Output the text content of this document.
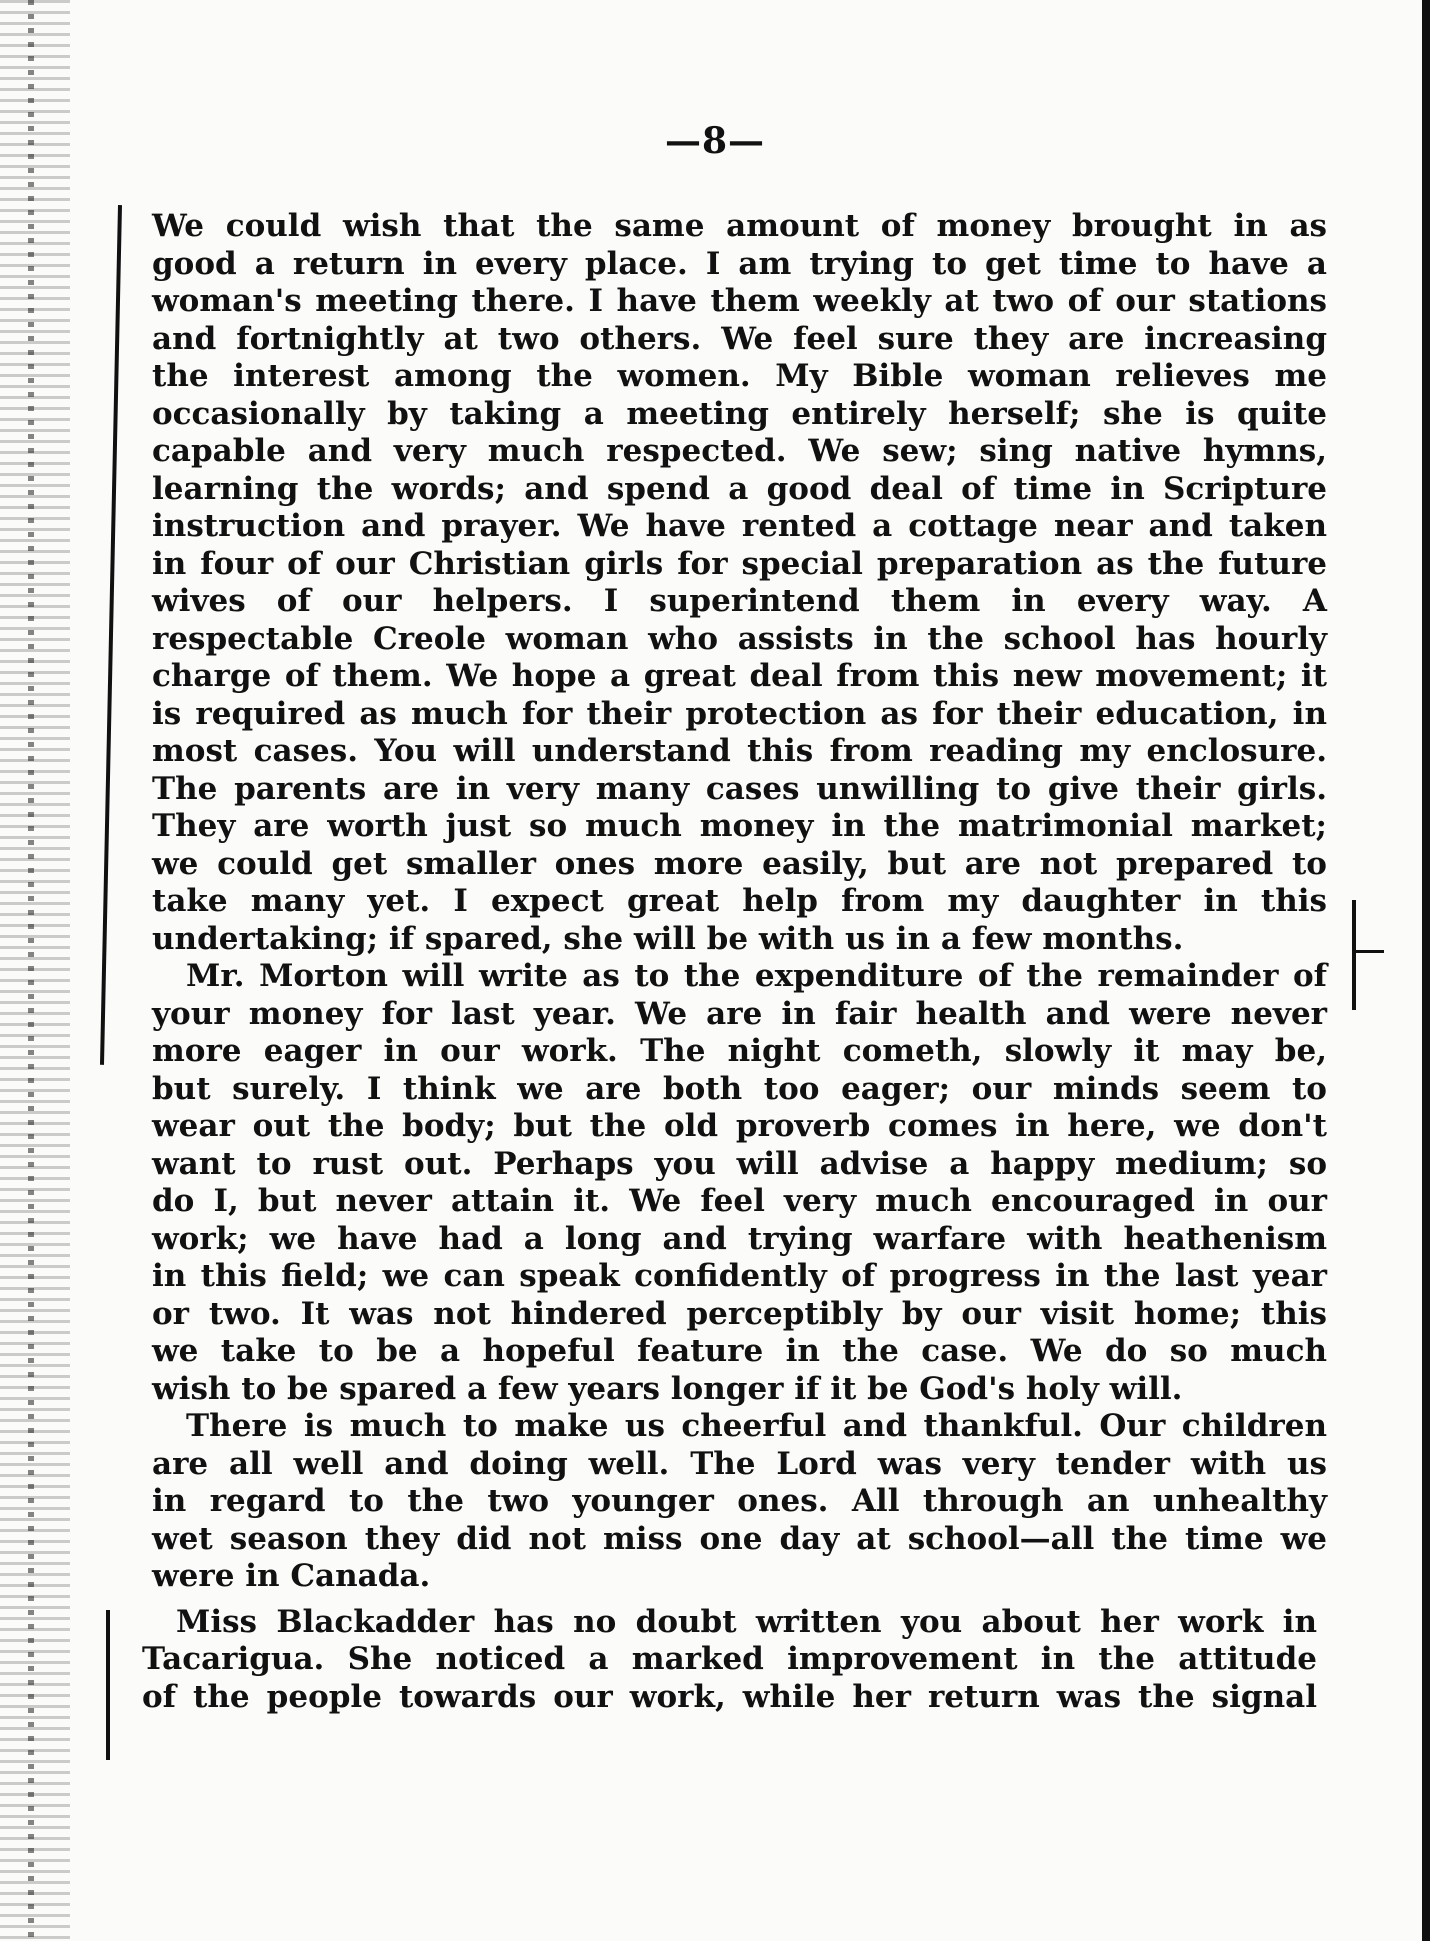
—8—
We could wish that the same amount of money brought in as
good a return in every place. I am trying to get time to have a
woman's meeting there. I have them weekly at two of our stations
and fortnightly at two others. We feel sure they are increasing
the interest among the women. My Bible woman relieves me
occasionally by taking a meeting entirely herself; she is quite
capable and very much respected. We sew; sing native hymns,
learning the words; and spend a good deal of time in Scripture
instruction and prayer. We have rented a cottage near and taken
in four of our Christian girls for special preparation as the future
wives of our helpers. I superintend them in every way. A
respectable Creole woman who assists in the school has hourly
charge of them. We hope a great deal from this new movement; it
is required as much for their protection as for their education, in
most cases. You will understand this from reading my enclosure.
The parents are in very many cases unwilling to give their girls.
They are worth just so much money in the matrimonial market;
we could get smaller ones more easily, but are not prepared to
take many yet. I expect great help from my daughter in this
undertaking; if spared, she will be with us in a few months.
Mr. Morton will write as to the expenditure of the remainder of
your money for last year. We are in fair health and were never
more eager in our work. The night cometh, slowly it may be,
but surely. I think we are both too eager; our minds seem to
wear out the body; but the old proverb comes in here, we don't
want to rust out. Perhaps you will advise a happy medium; so
do I, but never attain it. We feel very much encouraged in our
work; we have had a long and trying warfare with heathenism
in this field; we can speak confidently of progress in the last year
or two. It was not hindered perceptibly by our visit home; this
we take to be a hopeful feature in the case. We do so much
wish to be spared a few years longer if it be God's holy will.
There is much to make us cheerful and thankful. Our children
are all well and doing well. The Lord was very tender with us
in regard to the two younger ones. All through an unhealthy
wet season they did not miss one day at school—all the time we
were in Canada.
Miss Blackadder has no doubt written you about her work in
Tacarigua. She noticed a marked improvement in the attitude
of the people towards our work, while her return was the signal
